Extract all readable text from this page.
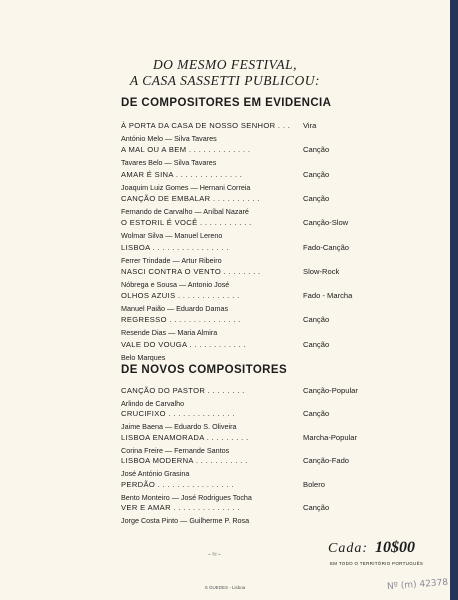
DO MESMO FESTIVAL,
A CASA SASSETTI PUBLICOU:
DE COMPOSITORES EM EVIDENCIA
À PORTA DA CASA DE NOSSO SENHOR . . .
António Melo — Silva Tavares
Vira
A MAL OU A BEM . . . . . . . . . . . . .
Tavares Belo — Silva Tavares
Canção
AMAR É SINA . . . . . . . . . . . . . .
Joaquim Luiz Gomes — Hernani Correia
Canção
CANÇÃO DE EMBALAR . . . . . . . . . .
Fernando de Carvalho — Aníbal Nazaré
Canção
O ESTORIL É VOCÊ . . . . . . . . . . .
Wolmar Silva — Manuel Lereno
Canção-Slow
LISBOA . . . . . . . . . . . . . . . .
Ferrer Trindade — Artur Ribeiro
Fado-Canção
NASCI CONTRA O VENTO . . . . . . . .
Nóbrega e Sousa — Antonio José
Slow-Rock
OLHOS AZUIS . . . . . . . . . . . . .
Manuel Paião — Eduardo Damas
Fado - Marcha
REGRESSO . . . . . . . . . . . . . . .
Resende Dias — Maria Almira
Canção
VALE DO VOUGA . . . . . . . . . . . .
Belo Marques
Canção
DE NOVOS COMPOSITORES
CANÇÃO DO PASTOR . . . . . . . .
Arlindo de Carvalho
Canção-Popular
CRUCIFIXO . . . . . . . . . . . . . .
Jaime Baena — Eduardo S. Oliveira
Canção
LISBOA ENAMORADA . . . . . . . . .
Corina Freire — Fernande Santos
Marcha-Popular
LISBOA MODERNA . . . . . . . . . . .
José António Grasina
Canção-Fado
PERDÃO . . . . . . . . . . . . . . . .
Bento Monteiro — José Rodrigues Tocha
Bolero
VER E AMAR . . . . . . . . . . . . . .
Jorge Costa Pinto — Guilherme P. Rosa
Canção
-≈-	Cada: 10$00
EM TODO O TERRITÓRIO PORTUGUÊS
S GUEDES - Lisboa	Nº (m) 42378
